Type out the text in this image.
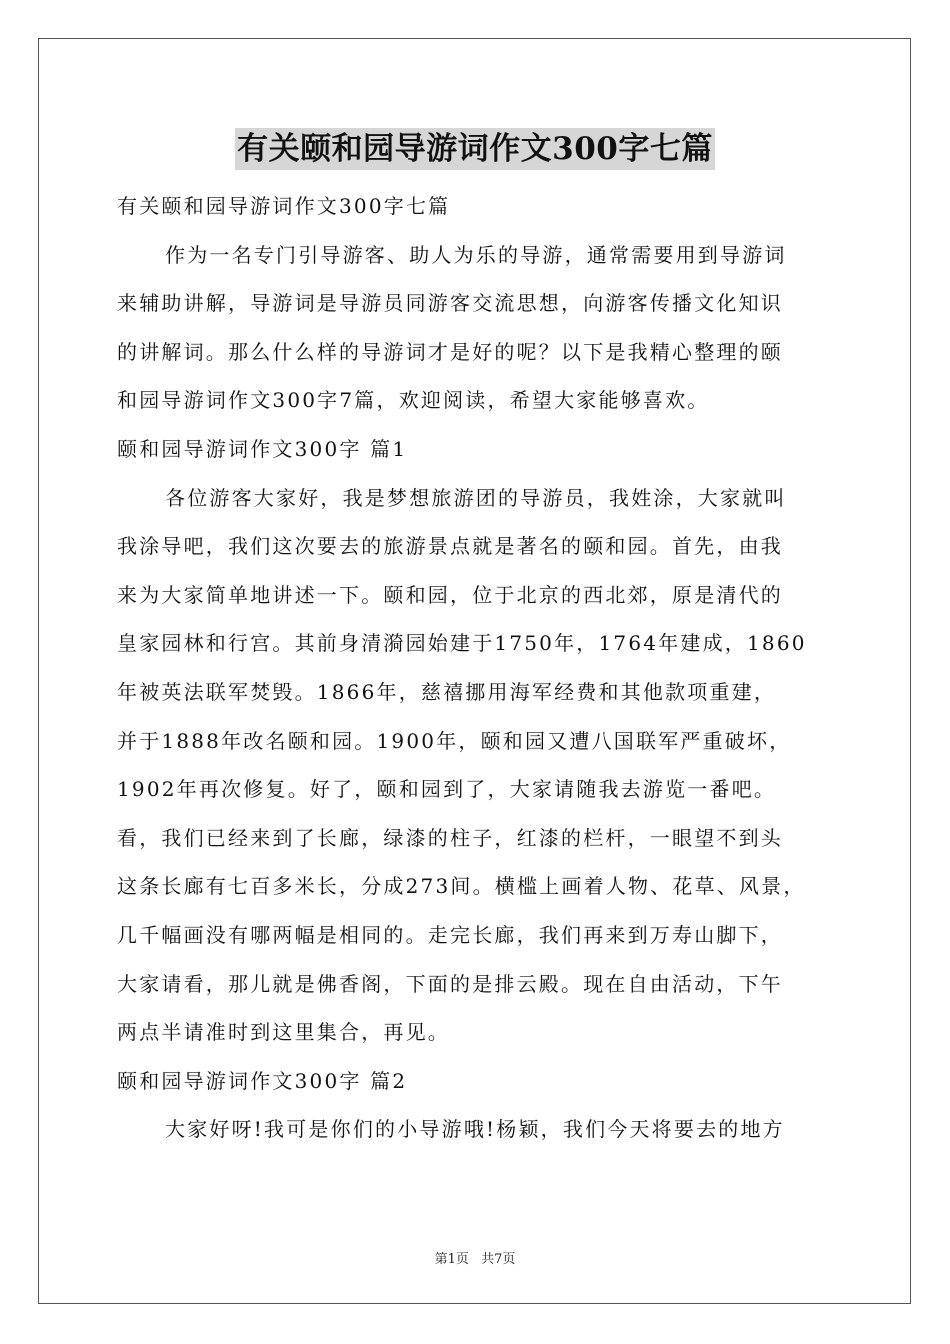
有关颐和园导游词作文300字七篇

有关颐和园导游词作文300字七篇

作为一名专门引导游客、助人为乐的导游，通常需要用到导游词

来辅助讲解，导游词是导游员同游客交流思想，向游客传播文化知识

的讲解词。那么什么样的导游词才是好的呢？以下是我精心整理的颐

和园导游词作文300字7篇，欢迎阅读，希望大家能够喜欢。

颐和园导游词作文300字 篇1

各位游客大家好，我是梦想旅游团的导游员，我姓涂，大家就叫

我涂导吧，我们这次要去的旅游景点就是著名的颐和园。首先，由我

来为大家简单地讲述一下。颐和园，位于北京的西北郊，原是清代的

皇家园林和行宫。其前身清漪园始建于1750年，1764年建成，1860

年被英法联军焚毁。1866年，慈禧挪用海军经费和其他款项重建，

并于1888年改名颐和园。1900年，颐和园又遭八国联军严重破坏，

1902年再次修复。好了，颐和园到了，大家请随我去游览一番吧。

看，我们已经来到了长廊，绿漆的柱子，红漆的栏杆，一眼望不到头

这条长廊有七百多米长，分成273间。横槛上画着人物、花草、风景，

几千幅画没有哪两幅是相同的。走完长廊，我们再来到万寿山脚下，

大家请看，那儿就是佛香阁，下面的是排云殿。现在自由活动，下午

两点半请准时到这里集合，再见。

颐和园导游词作文300字 篇2

大家好呀!我可是你们的小导游哦!杨颖，我们今天将要去的地方

第1页 共7页
